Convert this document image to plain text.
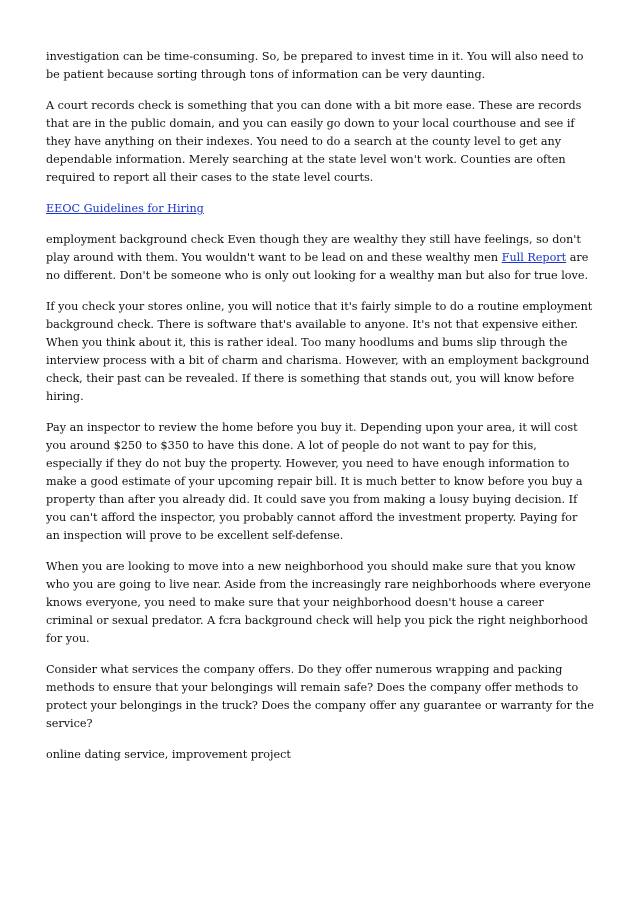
investigation can be time-consuming. So, be prepared to invest time in it. You will also need to be patient because sorting through tons of information can be very daunting.

A court records check is something that you can done with a bit more ease. These are records that are in the public domain, and you can easily go down to your local courthouse and see if they have anything on their indexes. You need to do a search at the county level to get any dependable information. Merely searching at the state level won't work. Counties are often required to report all their cases to the state level courts.

EEOC Guidelines for Hiring

employment background check Even though they are wealthy they still have feelings, so don't play around with them. You wouldn't want to be lead on and these wealthy men Full Report are no different. Don't be someone who is only out looking for a wealthy man but also for true love.

If you check your stores online, you will notice that it's fairly simple to do a routine employment background check. There is software that's available to anyone. It's not that expensive either. When you think about it, this is rather ideal. Too many hoodlums and bums slip through the interview process with a bit of charm and charisma. However, with an employment background check, their past can be revealed. If there is something that stands out, you will know before hiring.

Pay an inspector to review the home before you buy it. Depending upon your area, it will cost you around $250 to $350 to have this done. A lot of people do not want to pay for this, especially if they do not buy the property. However, you need to have enough information to make a good estimate of your upcoming repair bill. It is much better to know before you buy a property than after you already did. It could save you from making a lousy buying decision. If you can't afford the inspector, you probably cannot afford the investment property. Paying for an inspection will prove to be excellent self-defense.

When you are looking to move into a new neighborhood you should make sure that you know who you are going to live near. Aside from the increasingly rare neighborhoods where everyone knows everyone, you need to make sure that your neighborhood doesn't house a career criminal or sexual predator. A fcra background check will help you pick the right neighborhood for you.

Consider what services the company offers. Do they offer numerous wrapping and packing methods to ensure that your belongings will remain safe? Does the company offer methods to protect your belongings in the truck? Does the company offer any guarantee or warranty for the service?

online dating service, improvement project
